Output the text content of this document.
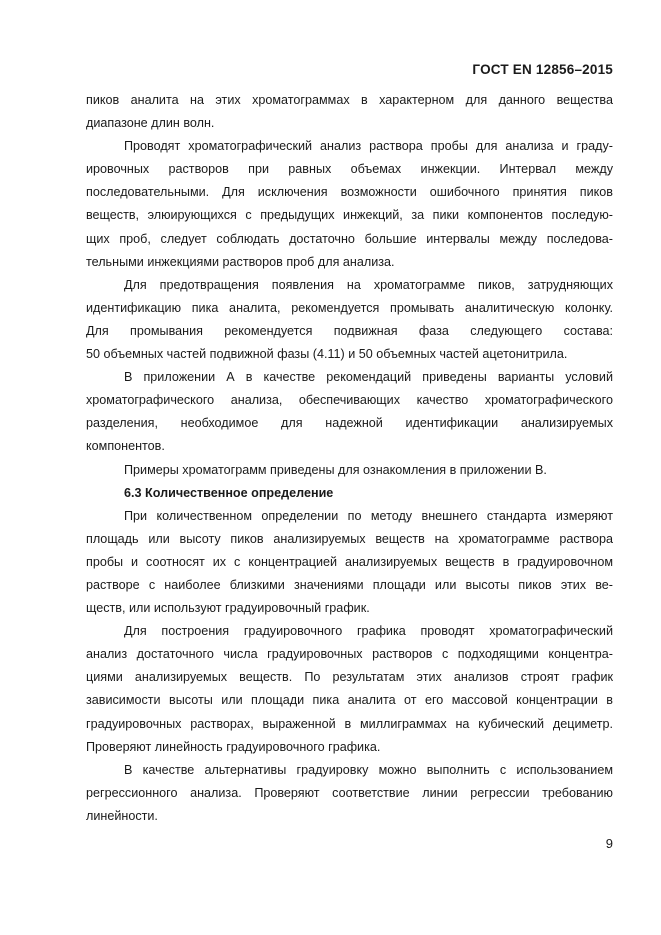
ГОСТ EN 12856–2015
пиков аналита на этих хроматограммах в характерном для данного вещества
диапазоне длин волн.
Проводят хроматографический анализ раствора пробы для анализа и граду-
ировочных растворов при равных объемах инжекции. Интервал между
последовательными. Для исключения возможности ошибочного принятия пиков
веществ, элюирующихся с предыдущих инжекций, за пики компонентов последую-
щих проб, следует соблюдать достаточно большие интервалы между последова-
тельными инжекциями растворов проб для анализа.
Для предотвращения появления на хроматограмме пиков, затрудняющих
идентификацию пика аналита, рекомендуется промывать аналитическую колонку.
Для промывания рекомендуется подвижная фаза следующего состава:
50 объемных частей подвижной фазы (4.11) и 50 объемных частей ацетонитрила.
В приложении А в качестве рекомендаций приведены варианты условий
хроматографического анализа, обеспечивающих качество хроматографического
разделения, необходимое для надежной идентификации анализируемых
компонентов.
Примеры хроматограмм приведены для ознакомления в приложении В.
6.3 Количественное определение
При количественном определении по методу внешнего стандарта измеряют
площадь или высоту пиков анализируемых веществ на хроматограмме раствора
пробы и соотносят их с концентрацией анализируемых веществ в градуировочном
растворе с наиболее близкими значениями площади или высоты пиков этих ве-
ществ, или используют градуировочный график.
Для построения градуировочного графика проводят хроматографический
анализ достаточного числа градуировочных растворов с подходящими концентра-
циями анализируемых веществ. По результатам этих анализов строят график
зависимости высоты или площади пика аналита от его массовой концентрации в
градуировочных растворах, выраженной в миллиграммах на кубический дециметр.
Проверяют линейность градуировочного графика.
В качестве альтернативы градуировку можно выполнить с использованием
регрессионного анализа. Проверяют соответствие линии регрессии требованию
линейности.
9
